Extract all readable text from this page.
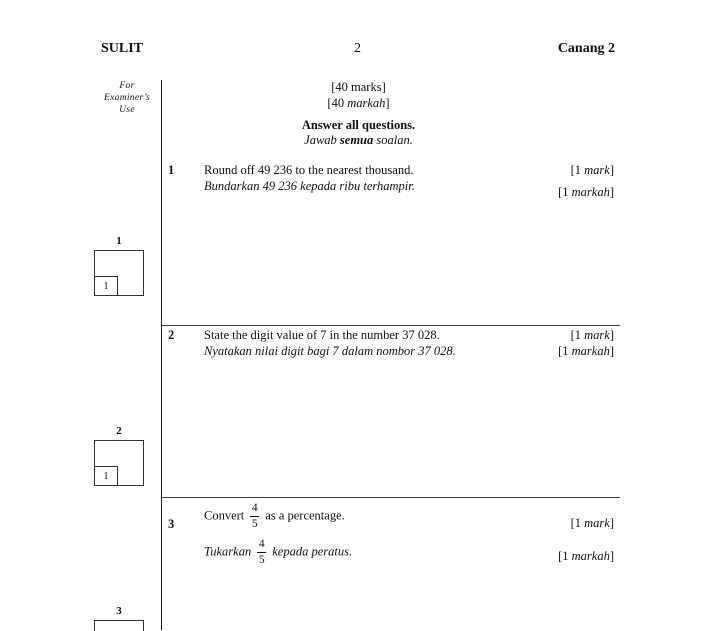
SULIT	2	Canang 2
For
Examiner’s
Use
[40 marks]
[40 markah]
Answer all questions.
Jawab semua soalan.
1 Round off 49 236 to the nearest thousand.
Bundarkan 49 236 kepada ribu terhampir.
[1 mark]
[1 markah]
1
1
2 State the digit value of 7 in the number 37 028.
Nyatakan nilai digit bagi 7 dalam nombor 37 028.
[1 mark]
[1 markah]
2
1
3
Convert $\frac{4}{5}$ as a percentage.
Tukarkan $\frac{4}{5}$ kepada peratus.
[1 mark]
[1 markah]
3
